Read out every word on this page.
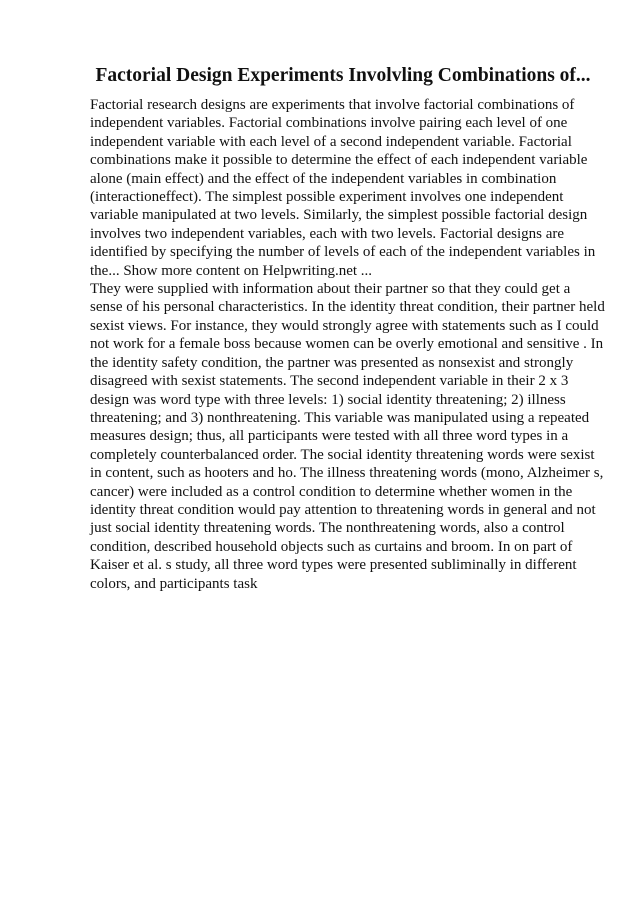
Factorial Design Experiments Involvling Combinations of...
Factorial research designs are experiments that involve factorial combinations of
independent variables. Factorial combinations involve pairing each level of one
independent variable with each level of a second independent variable. Factorial
combinations make it possible to determine the effect of each independent variable
alone (main effect) and the effect of the independent variables in combination
(interactioneffect). The simplest possible experiment involves one independent
variable manipulated at two levels. Similarly, the simplest possible factorial design
involves two independent variables, each with two levels. Factorial designs are
identified by specifying the number of levels of each of the independent variables in
the... Show more content on Helpwriting.net ...
They were supplied with information about their partner so that they could get a
sense of his personal characteristics. In the identity threat condition, their partner held
sexist views. For instance, they would strongly agree with statements such as I could
not work for a female boss because women can be overly emotional and sensitive . In
the identity safety condition, the partner was presented as nonsexist and strongly
disagreed with sexist statements. The second independent variable in their 2 x 3
design was word type with three levels: 1) social identity threatening; 2) illness
threatening; and 3) nonthreatening. This variable was manipulated using a repeated
measures design; thus, all participants were tested with all three word types in a
completely counterbalanced order. The social identity threatening words were sexist
in content, such as hooters and ho. The illness threatening words (mono, Alzheimer s,
cancer) were included as a control condition to determine whether women in the
identity threat condition would pay attention to threatening words in general and not
just social identity threatening words. The nonthreatening words, also a control
condition, described household objects such as curtains and broom. In on part of
Kaiser et al. s study, all three word types were presented subliminally in different
colors, and participants task
